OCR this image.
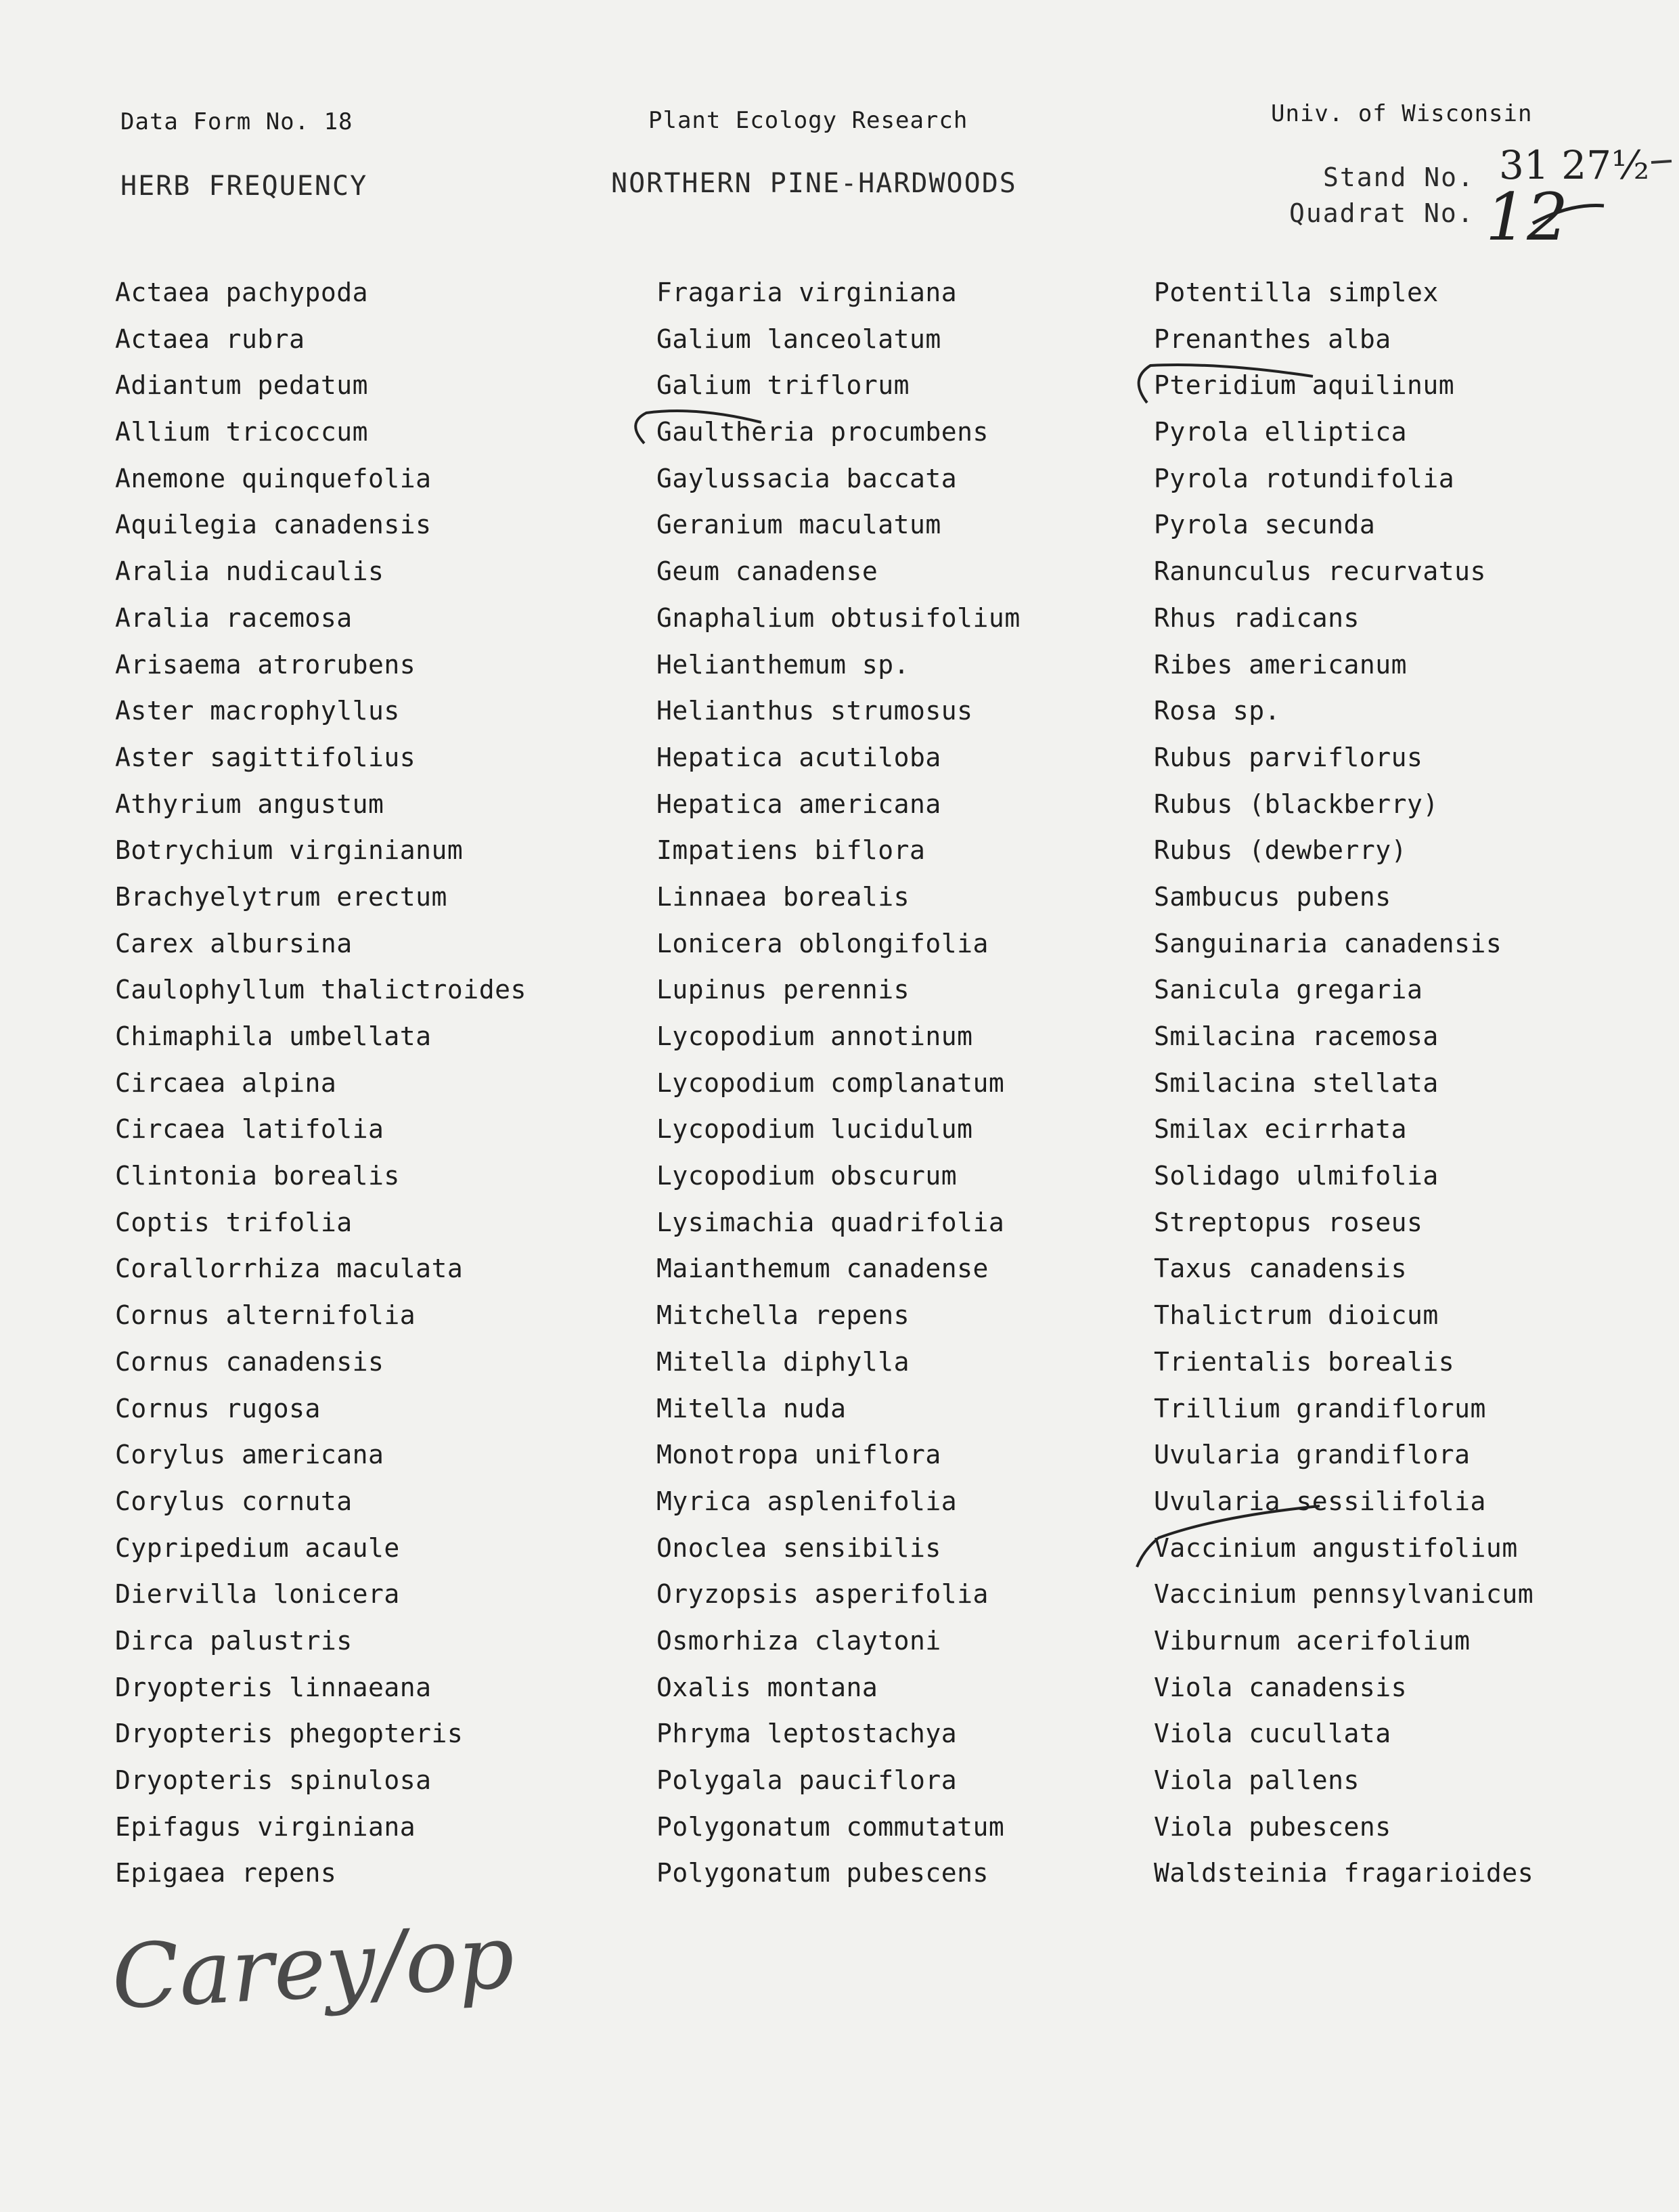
Data Form No. 18	Plant Ecology Research	Univ. of Wisconsin
HERB FREQUENCY	NORTHERN PINE-HARDWOODS	Stand No.
Quadrat No.
31 27½
12
Actaea pachypoda
Actaea rubra
Adiantum pedatum
Allium tricoccum
Anemone quinquefolia
Aquilegia canadensis
Aralia nudicaulis
Aralia racemosa
Arisaema atrorubens
Aster macrophyllus
Aster sagittifolius
Athyrium angustum
Botrychium virginianum
Brachyelytrum erectum
Carex albursina
Caulophyllum thalictroides
Chimaphila umbellata
Circaea alpina
Circaea latifolia
Clintonia borealis
Coptis trifolia
Corallorrhiza maculata
Cornus alternifolia
Cornus canadensis
Cornus rugosa
Corylus americana
Corylus cornuta
Cypripedium acaule
Diervilla lonicera
Dirca palustris
Dryopteris linnaeana
Dryopteris phegopteris
Dryopteris spinulosa
Epifagus virginiana
Epigaea repens
Fragaria virginiana
Galium lanceolatum
Galium triflorum
Gaultheria procumbens
Gaylussacia baccata
Geranium maculatum
Geum canadense
Gnaphalium obtusifolium
Helianthemum sp.
Helianthus strumosus
Hepatica acutiloba
Hepatica americana
Impatiens biflora
Linnaea borealis
Lonicera oblongifolia
Lupinus perennis
Lycopodium annotinum
Lycopodium complanatum
Lycopodium lucidulum
Lycopodium obscurum
Lysimachia quadrifolia
Maianthemum canadense
Mitchella repens
Mitella diphylla
Mitella nuda
Monotropa uniflora
Myrica asplenifolia
Onoclea sensibilis
Oryzopsis asperifolia
Osmorhiza claytoni
Oxalis montana
Phryma leptostachya
Polygala pauciflora
Polygonatum commutatum
Polygonatum pubescens
Potentilla simplex
Prenanthes alba
Pteridium aquilinum
Pyrola elliptica
Pyrola rotundifolia
Pyrola secunda
Ranunculus recurvatus
Rhus radicans
Ribes americanum
Rosa sp.
Rubus parviflorus
Rubus (blackberry)
Rubus (dewberry)
Sambucus pubens
Sanguinaria canadensis
Sanicula gregaria
Smilacina racemosa
Smilacina stellata
Smilax ecirrhata
Solidago ulmifolia
Streptopus roseus
Taxus canadensis
Thalictrum dioicum
Trientalis borealis
Trillium grandiflorum
Uvularia grandiflora
Uvularia sessilifolia
Vaccinium angustifolium
Vaccinium pennsylvanicum
Viburnum acerifolium
Viola canadensis
Viola cucullata
Viola pallens
Viola pubescens
Waldsteinia fragarioides
Carey/op
